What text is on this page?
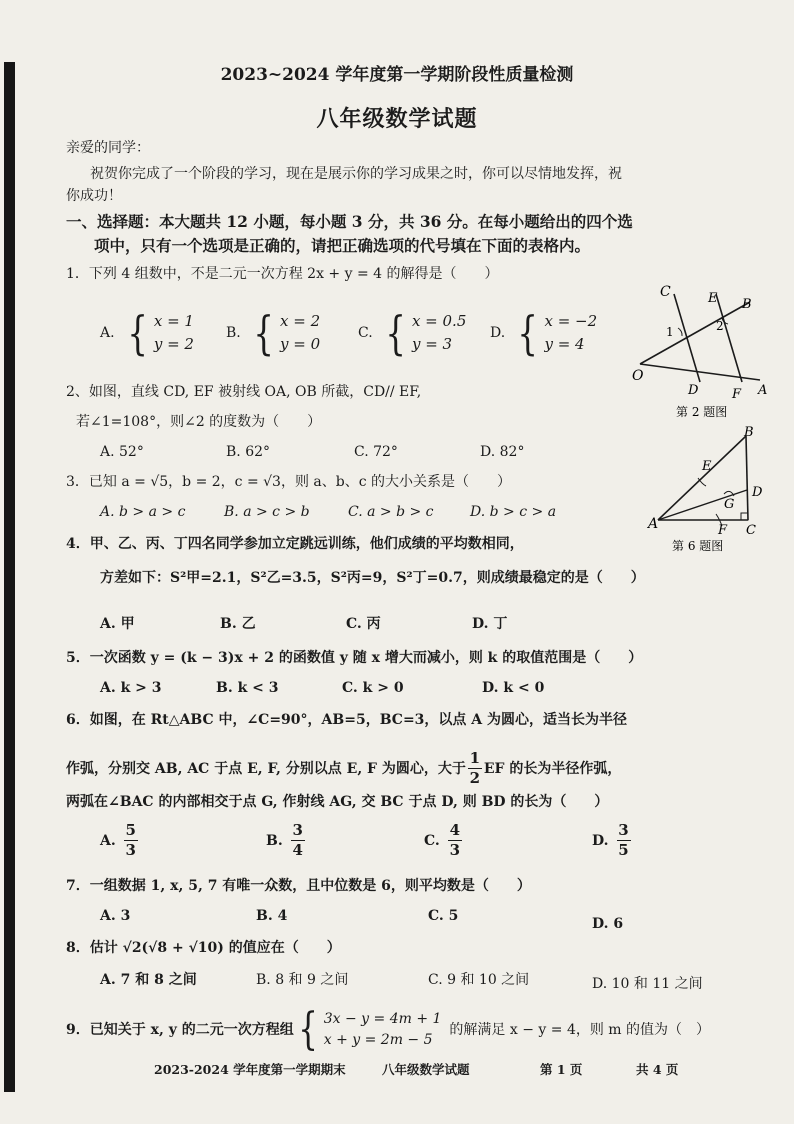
2023~2024 学年度第一学期阶段性质量检测
八年级数学试题
亲爱的同学：
祝贺你完成了一个阶段的学习，现在是展示你的学习成果之时，你可以尽情地发挥，祝
你成功！
一、选择题：本大题共 12 小题，每小题 3 分，共 36 分。在每小题给出的四个选
项中，只有一个选项是正确的，请把正确选项的代号填在下面的表格内。
1．下列 4 组数中，不是二元一次方程 2x + y = 4 的解得是（　　）
A. { x = 1
y = 2
B. { x = 2
y = 0
C. { x = 0.5
y = 3
D. { x = −2
y = 4
C	E B
1	2
O
D	F A
第 2 题图
2、如图，直线 CD, EF 被射线 OA, OB 所截，CD// EF,
若∠1=108°，则∠2 的度数为（　　）
A. 52°	B. 62°	C. 72°	D. 82°
B
E
D
G
A	F C
第 6 题图
3．已知 a = √5，b = 2，c = √3，则 a、b、c 的大小关系是（　　）
A. b > a > c	B. a > c > b	C. a > b > c	D. b > c > a
4．甲、乙、丙、丁四名同学参加立定跳远训练，他们成绩的平均数相同，
方差如下：S²甲=2.1，S²乙=3.5，S²丙=9，S²丁=0.7，则成绩最稳定的是（　　）
A. 甲	B. 乙	C. 丙	D. 丁
5．一次函数 y = (k − 3)x + 2 的函数值 y 随 x 增大而减小，则 k 的取值范围是（　　）
A. k > 3	B. k < 3	C. k > 0	D. k < 0
6．如图，在 Rt△ABC 中，∠C=90°，AB=5，BC=3，以点 A 为圆心，适当长为半径
作弧，分别交 AB, AC 于点 E, F, 分别以点 E, F 为圆心，大于 $\frac{1}{2}$ EF 的长为半径作弧，
两弧在∠BAC 的内部相交于点 G, 作射线 AG, 交 BC 于点 D, 则 BD 的长为（　　）
A. $\frac{5}{3}$	B. $\frac{3}{4}$	C. $\frac{4}{3}$	D. $\frac{3}{5}$
7．一组数据 1, x, 5, 7 有唯一众数，且中位数是 6，则平均数是（　　）
A. 3	B. 4	C. 5	D. 6
8．估计 √2(√8 + √10) 的值应在（　　）
A. 7 和 8 之间	B. 8 和 9 之间	C. 9 和 10 之间	D. 10 和 11 之间
9．已知关于 x, y 的二元一次方程组 { 3x − y = 4m + 1
x + y = 2m − 5
的解满足 x − y = 4，则 m 的值为（　）
2023-2024 学年度第一学期期末	八年级数学试题	第 1 页	共 4 页
